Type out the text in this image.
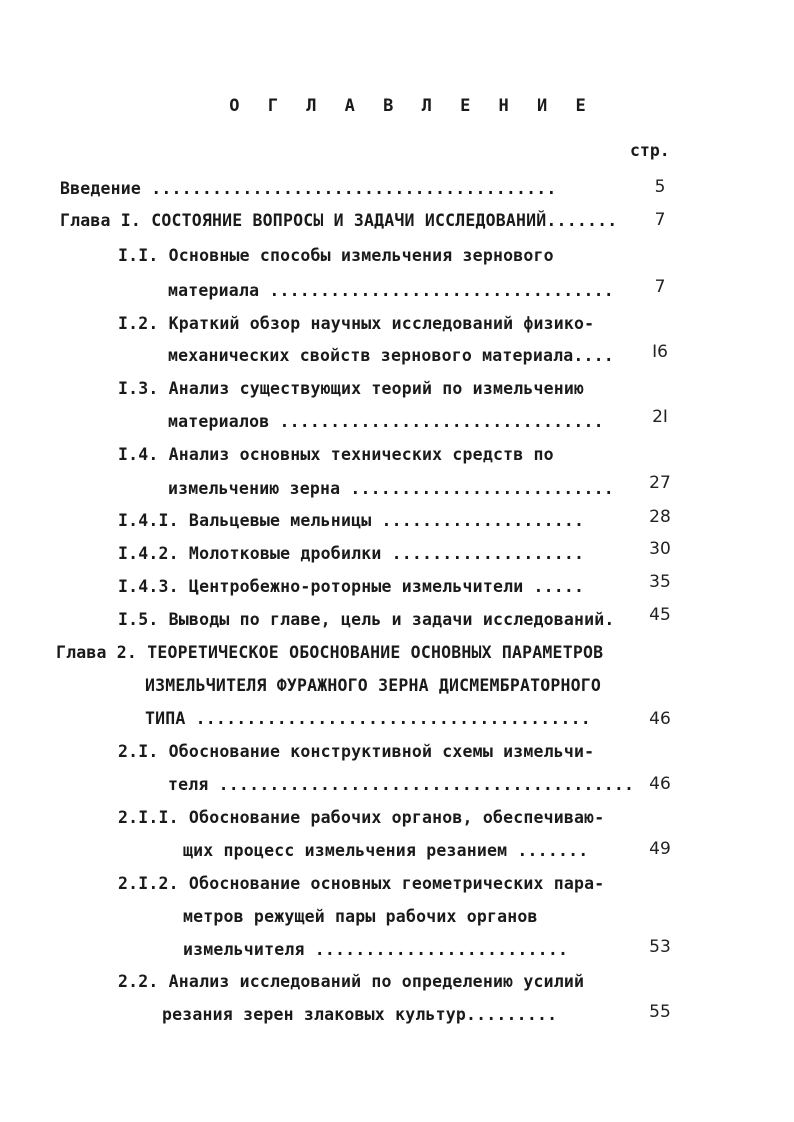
О Г Л А В Л Е Н И Е
стр.
Введение ........................................
Глава I. СОСТОЯНИЕ ВОПРОСЫ И ЗАДАЧИ ИССЛЕДОВАНИЙ.......
I.I. Основные способы измельчения зернового
материала ..................................
I.2. Краткий обзор научных исследований физико-
механических свойств зернового материала....
I.3. Анализ существующих теорий по измельчению
материалов ................................
I.4. Анализ основных технических средств по
измельчению зерна ..........................
I.4.I. Вальцевые мельницы ....................
I.4.2. Молотковые дробилки ...................
I.4.3. Центробежно-роторные измельчители .....
I.5. Выводы по главе, цель и задачи исследований.
Глава 2. ТЕОРЕТИЧЕСКОЕ ОБОСНОВАНИЕ ОСНОВНЫХ ПАРАМЕТРОВ
ИЗМЕЛЬЧИТЕЛЯ ФУРАЖНОГО ЗЕРНА ДИСМЕМБРАТОРНОГО
ТИПА .......................................
2.I. Обоснование конструктивной схемы измельчи-
теля .........................................
2.I.I. Обоснование рабочих органов, обеспечиваю-
щих процесс измельчения резанием .......
2.I.2. Обоснование основных геометрических пара-
метров режущей пары рабочих органов
измельчителя .........................
2.2. Анализ исследований по определению усилий
резания зерен злаковых культур.........
5
7
7
I6
2I
27
28
30
35
45
46
46
49
53
55
